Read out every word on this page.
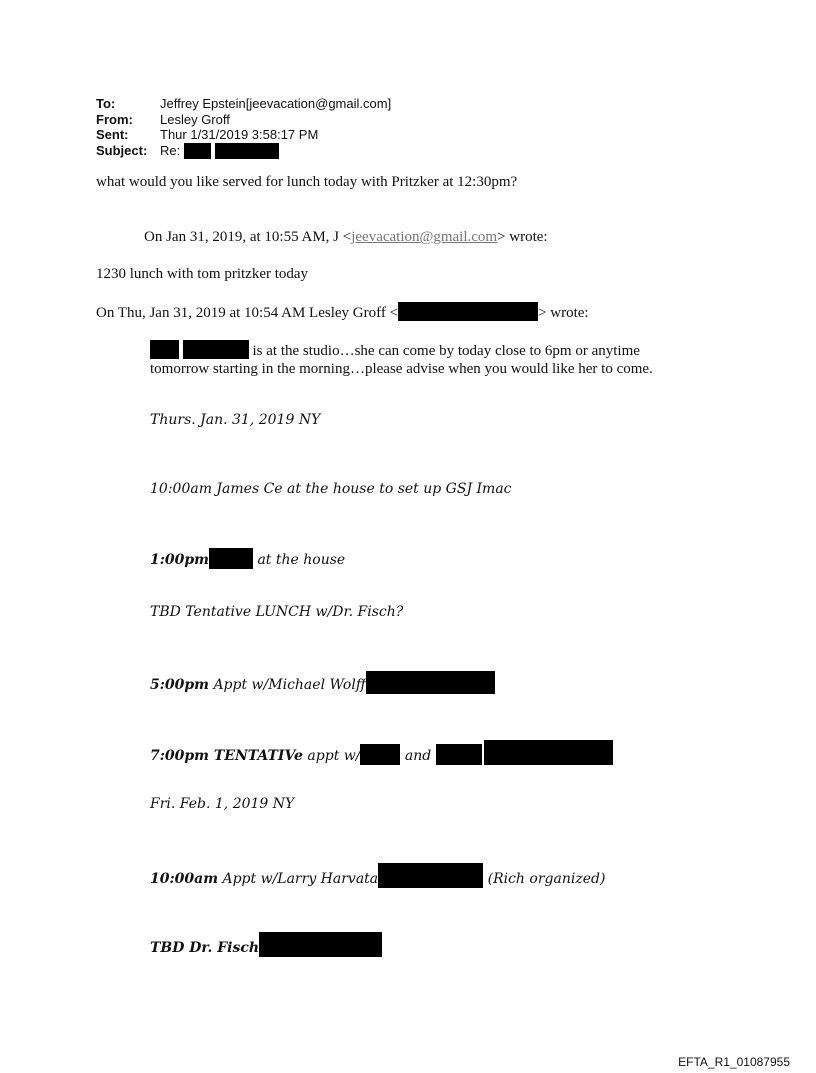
To:	Jeffrey Epstein[jeevacation@gmail.com]
From:	Lesley Groff
Sent:	Thur 1/31/2019 3:58:17 PM
Subject: Re:
what would you like served for lunch today with Pritzker at 12:30pm?
On Jan 31, 2019, at 10:55 AM, J <jeevacation@gmail.com> wrote:
1230 lunch with tom pritzker today
On Thu, Jan 31, 2019 at 10:54 AM Lesley Groff <	> wrote:
is at the studio…she can come by today close to 6pm or anytime tomorrow starting in the morning…please advise when you would like her to come.
Thurs. Jan. 31, 2019 NY
10:00am James Ce at the house to set up GSJ Imac
1:00pm	at the house
TBD Tentative LUNCH w/Dr. Fisch?
5:00pm Appt w/Michael Wolff
7:00pm TENTATIVe appt w/	and
Fri. Feb. 1, 2019 NY
10:00am Appt w/Larry Harvata	(Rich organized)
TBD Dr. Fisch
EFTA_R1_01087955
